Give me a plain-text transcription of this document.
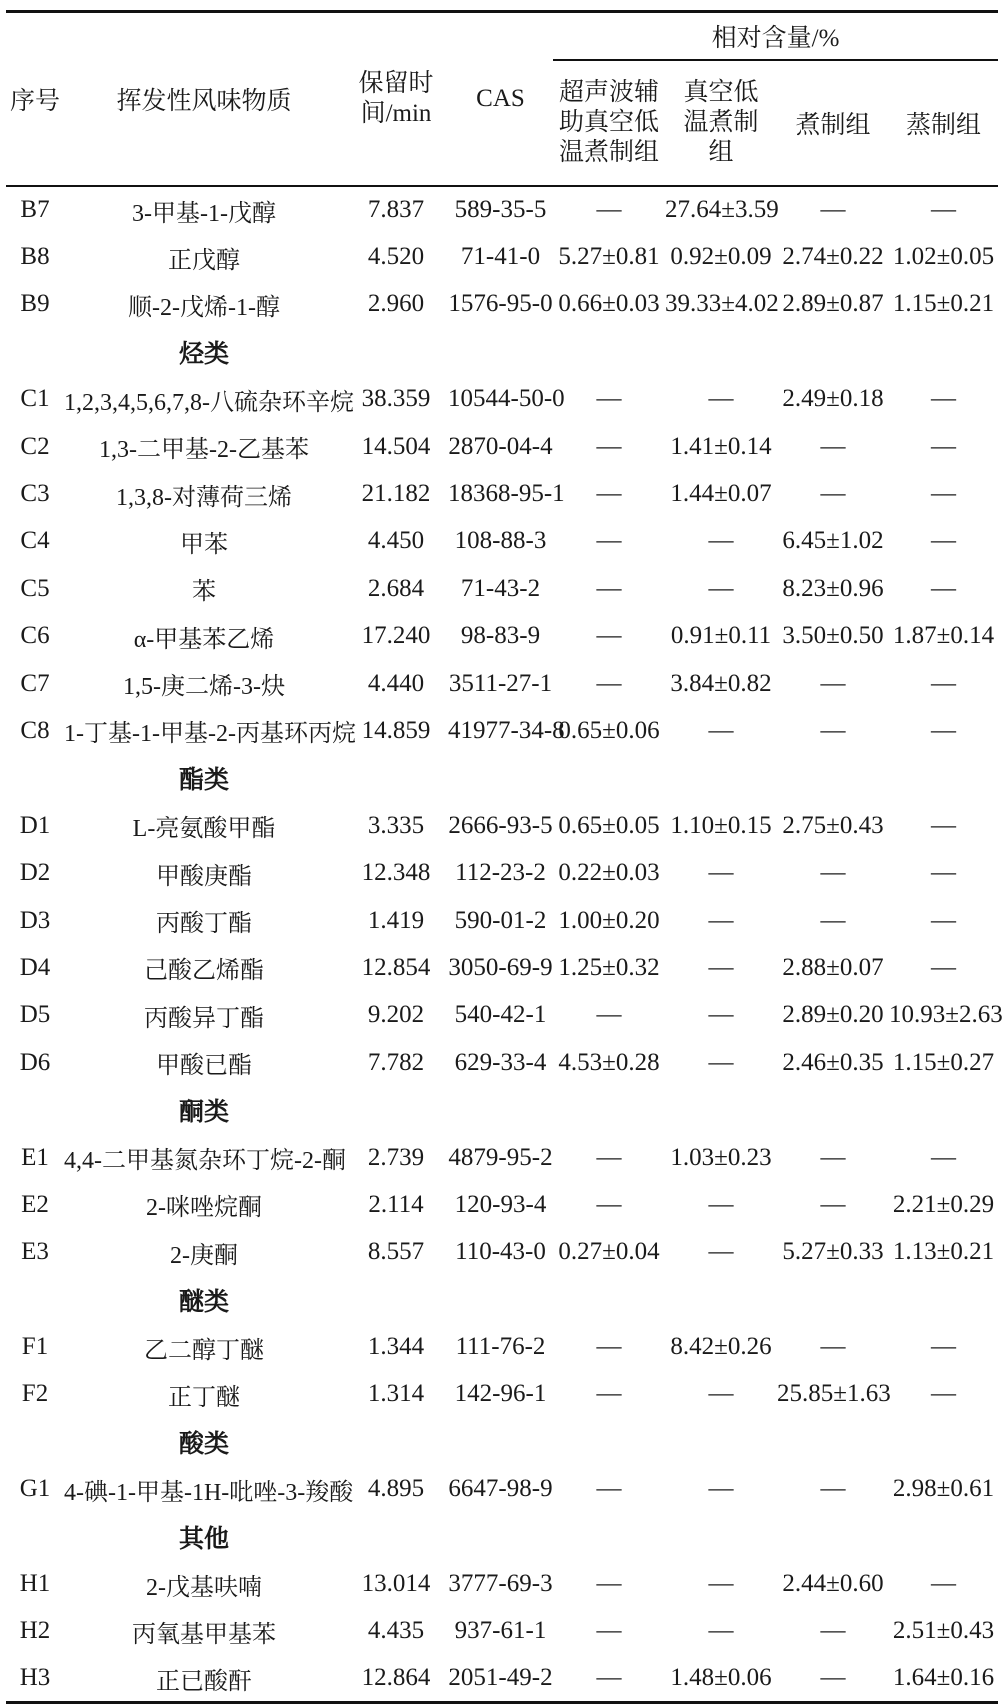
序号	挥发性风味物质	保留时间/min	CAS	相对含量/%			
				超声波辅助真空低温煮制组	真空低温煮制组	煮制组	蒸制组
B7	3-甲基-1-戊醇	7.837	589-35-5	—	27.64±3.59	—	—
B8	正戊醇	4.520	71-41-0	5.27±0.81	0.92±0.09	2.74±0.22	1.02±0.05
B9	顺-2-戊烯-1-醇	2.960	1576-95-0	0.66±0.03	39.33±4.02	2.89±0.87	1.15±0.21
	烃类						
C1	1,2,3,4,5,6,7,8-八硫杂环辛烷	38.359	10544-50-0	—	—	2.49±0.18	—
C2	1,3-二甲基-2-乙基苯	14.504	2870-04-4	—	1.41±0.14	—	—
C3	1,3,8-对薄荷三烯	21.182	18368-95-1	—	1.44±0.07	—	—
C4	甲苯	4.450	108-88-3	—	—	6.45±1.02	—
C5	苯	2.684	71-43-2	—	—	8.23±0.96	—
C6	α-甲基苯乙烯	17.240	98-83-9	—	0.91±0.11	3.50±0.50	1.87±0.14
C7	1,5-庚二烯-3-炔	4.440	3511-27-1	—	3.84±0.82	—	—
C8	1-丁基-1-甲基-2-丙基环丙烷	14.859	41977-34-8	0.65±0.06	—	—	—
	酯类						
D1	L-亮氨酸甲酯	3.335	2666-93-5	0.65±0.05	1.10±0.15	2.75±0.43	—
D2	甲酸庚酯	12.348	112-23-2	0.22±0.03	—	—	—
D3	丙酸丁酯	1.419	590-01-2	1.00±0.20	—	—	—
D4	己酸乙烯酯	12.854	3050-69-9	1.25±0.32	—	2.88±0.07	—
D5	丙酸异丁酯	9.202	540-42-1	—	—	2.89±0.20	10.93±2.63
D6	甲酸已酯	7.782	629-33-4	4.53±0.28	—	2.46±0.35	1.15±0.27
	酮类						
E1	4,4-二甲基氮杂环丁烷-2-酮	2.739	4879-95-2	—	1.03±0.23	—	—
E2	2-咪唑烷酮	2.114	120-93-4	—	—	—	2.21±0.29
E3	2-庚酮	8.557	110-43-0	0.27±0.04	—	5.27±0.33	1.13±0.21
	醚类						
F1	乙二醇丁醚	1.344	111-76-2	—	8.42±0.26	—	—
F2	正丁醚	1.314	142-96-1	—	—	25.85±1.63	—
	酸类						
G1	4-碘-1-甲基-1H-吡唑-3-羧酸	4.895	6647-98-9	—	—	—	2.98±0.61
	其他						
H1	2-戊基呋喃	13.014	3777-69-3	—	—	2.44±0.60	—
H2	丙氧基甲基苯	4.435	937-61-1	—	—	—	2.51±0.43
H3	正已酸酐	12.864	2051-49-2	—	1.48±0.06	—	1.64±0.16
